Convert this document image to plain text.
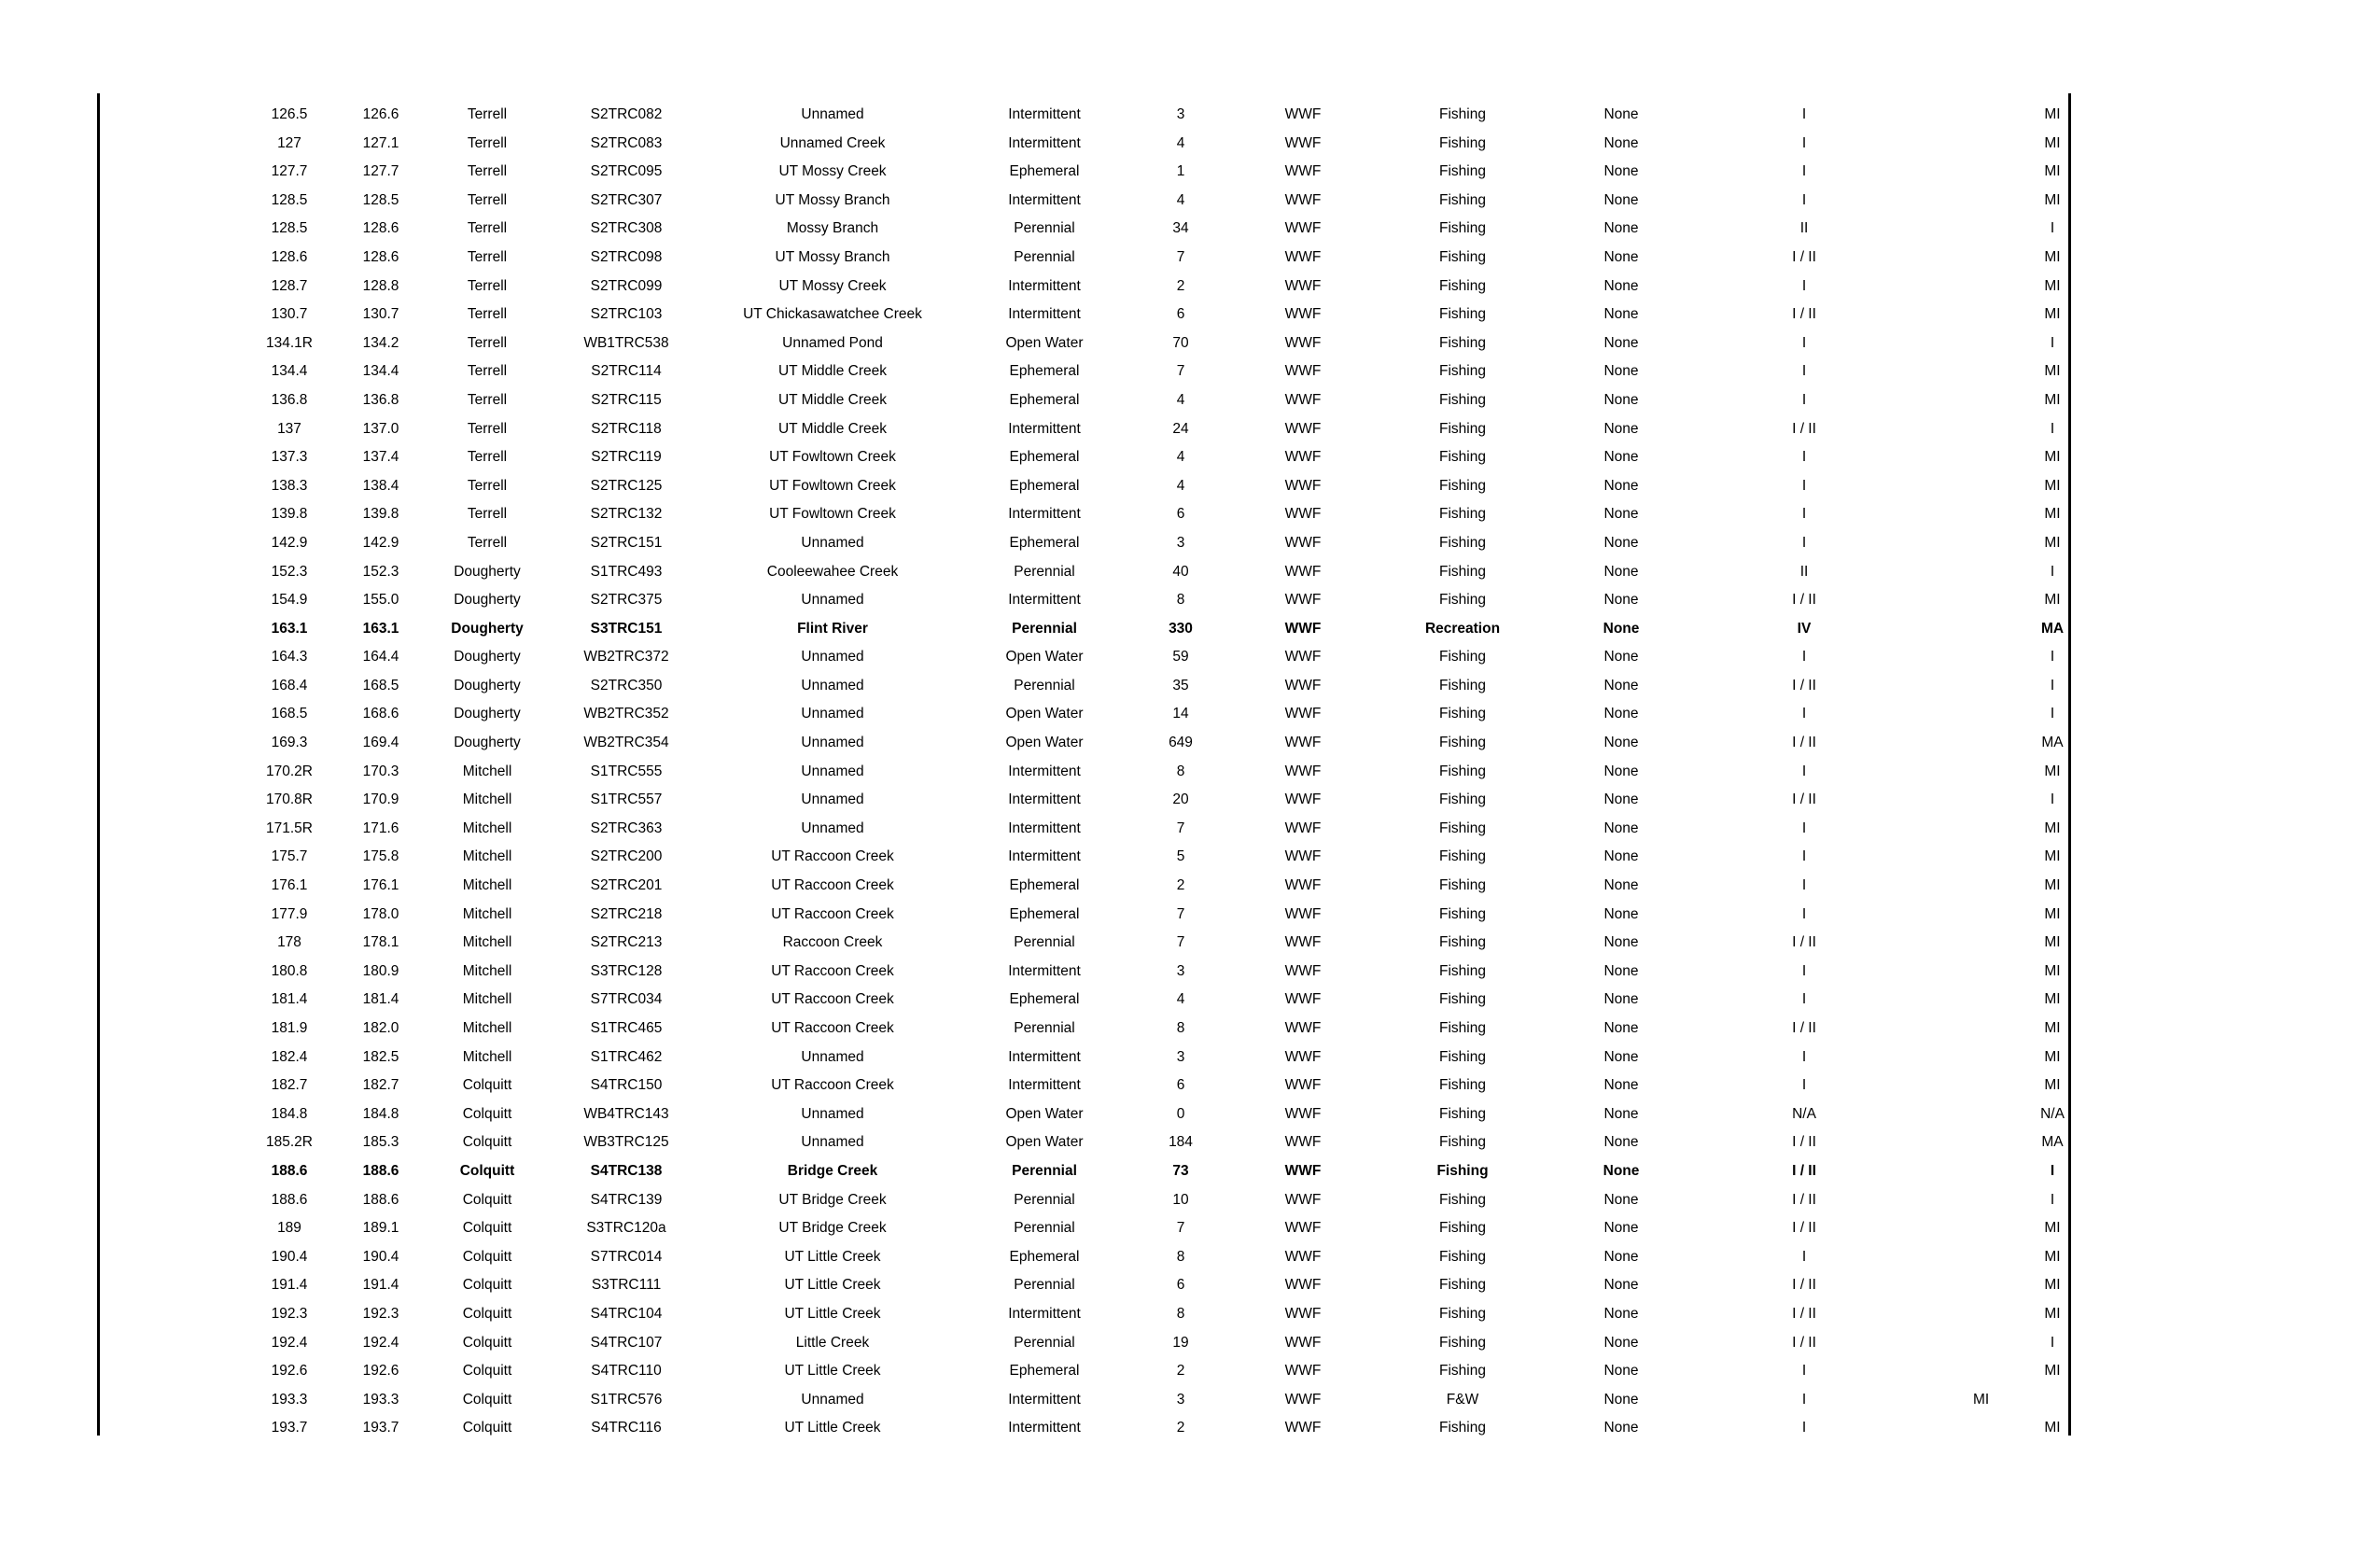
126.5	126.6	Terrell	S2TRC082	Unnamed	Intermittent	3	WWF	Fishing	None	I	MI
127	127.1	Terrell	S2TRC083	Unnamed Creek	Intermittent	4	WWF	Fishing	None	I	MI
127.7	127.7	Terrell	S2TRC095	UT Mossy Creek	Ephemeral	1	WWF	Fishing	None	I	MI
128.5	128.5	Terrell	S2TRC307	UT Mossy Branch	Intermittent	4	WWF	Fishing	None	I	MI
128.5	128.6	Terrell	S2TRC308	Mossy Branch	Perennial	34	WWF	Fishing	None	II	I
128.6	128.6	Terrell	S2TRC098	UT Mossy Branch	Perennial	7	WWF	Fishing	None	I / II	MI
128.7	128.8	Terrell	S2TRC099	UT Mossy Creek	Intermittent	2	WWF	Fishing	None	I	MI
130.7	130.7	Terrell	S2TRC103	UT Chickasawatchee Creek	Intermittent	6	WWF	Fishing	None	I / II	MI
134.1R	134.2	Terrell	WB1TRC538	Unnamed Pond	Open Water	70	WWF	Fishing	None	I	I
134.4	134.4	Terrell	S2TRC114	UT Middle Creek	Ephemeral	7	WWF	Fishing	None	I	MI
136.8	136.8	Terrell	S2TRC115	UT Middle Creek	Ephemeral	4	WWF	Fishing	None	I	MI
137	137.0	Terrell	S2TRC118	UT Middle Creek	Intermittent	24	WWF	Fishing	None	I / II	I
137.3	137.4	Terrell	S2TRC119	UT Fowltown Creek	Ephemeral	4	WWF	Fishing	None	I	MI
138.3	138.4	Terrell	S2TRC125	UT Fowltown Creek	Ephemeral	4	WWF	Fishing	None	I	MI
139.8	139.8	Terrell	S2TRC132	UT Fowltown Creek	Intermittent	6	WWF	Fishing	None	I	MI
142.9	142.9	Terrell	S2TRC151	Unnamed	Ephemeral	3	WWF	Fishing	None	I	MI
152.3	152.3	Dougherty	S1TRC493	Cooleewahee Creek	Perennial	40	WWF	Fishing	None	II	I
154.9	155.0	Dougherty	S2TRC375	Unnamed	Intermittent	8	WWF	Fishing	None	I / II	MI
163.1	163.1	Dougherty	S3TRC151	Flint River	Perennial	330	WWF	Recreation	None	IV	MA
164.3	164.4	Dougherty	WB2TRC372	Unnamed	Open Water	59	WWF	Fishing	None	I	I
168.4	168.5	Dougherty	S2TRC350	Unnamed	Perennial	35	WWF	Fishing	None	I / II	I
168.5	168.6	Dougherty	WB2TRC352	Unnamed	Open Water	14	WWF	Fishing	None	I	I
169.3	169.4	Dougherty	WB2TRC354	Unnamed	Open Water	649	WWF	Fishing	None	I / II	MA
170.2R	170.3	Mitchell	S1TRC555	Unnamed	Intermittent	8	WWF	Fishing	None	I	MI
170.8R	170.9	Mitchell	S1TRC557	Unnamed	Intermittent	20	WWF	Fishing	None	I / II	I
171.5R	171.6	Mitchell	S2TRC363	Unnamed	Intermittent	7	WWF	Fishing	None	I	MI
175.7	175.8	Mitchell	S2TRC200	UT Raccoon Creek	Intermittent	5	WWF	Fishing	None	I	MI
176.1	176.1	Mitchell	S2TRC201	UT Raccoon Creek	Ephemeral	2	WWF	Fishing	None	I	MI
177.9	178.0	Mitchell	S2TRC218	UT Raccoon Creek	Ephemeral	7	WWF	Fishing	None	I	MI
178	178.1	Mitchell	S2TRC213	Raccoon Creek	Perennial	7	WWF	Fishing	None	I / II	MI
180.8	180.9	Mitchell	S3TRC128	UT Raccoon Creek	Intermittent	3	WWF	Fishing	None	I	MI
181.4	181.4	Mitchell	S7TRC034	UT Raccoon Creek	Ephemeral	4	WWF	Fishing	None	I	MI
181.9	182.0	Mitchell	S1TRC465	UT Raccoon Creek	Perennial	8	WWF	Fishing	None	I / II	MI
182.4	182.5	Mitchell	S1TRC462	Unnamed	Intermittent	3	WWF	Fishing	None	I	MI
182.7	182.7	Colquitt	S4TRC150	UT Raccoon Creek	Intermittent	6	WWF	Fishing	None	I	MI
184.8	184.8	Colquitt	WB4TRC143	Unnamed	Open Water	0	WWF	Fishing	None	N/A	N/A
185.2R	185.3	Colquitt	WB3TRC125	Unnamed	Open Water	184	WWF	Fishing	None	I / II	MA
188.6	188.6	Colquitt	S4TRC138	Bridge Creek	Perennial	73	WWF	Fishing	None	I / II	I
188.6	188.6	Colquitt	S4TRC139	UT Bridge Creek	Perennial	10	WWF	Fishing	None	I / II	I
189	189.1	Colquitt	S3TRC120a	UT Bridge Creek	Perennial	7	WWF	Fishing	None	I / II	MI
190.4	190.4	Colquitt	S7TRC014	UT Little Creek	Ephemeral	8	WWF	Fishing	None	I	MI
191.4	191.4	Colquitt	S3TRC111	UT Little Creek	Perennial	6	WWF	Fishing	None	I / II	MI
192.3	192.3	Colquitt	S4TRC104	UT Little Creek	Intermittent	8	WWF	Fishing	None	I / II	MI
192.4	192.4	Colquitt	S4TRC107	Little Creek	Perennial	19	WWF	Fishing	None	I / II	I
192.6	192.6	Colquitt	S4TRC110	UT Little Creek	Ephemeral	2	WWF	Fishing	None	I	MI
193.3	193.3	Colquitt	S1TRC576	Unnamed	Intermittent	3	WWF	F&W	None	I	MI
193.7	193.7	Colquitt	S4TRC116	UT Little Creek	Intermittent	2	WWF	Fishing	None	I	MI
